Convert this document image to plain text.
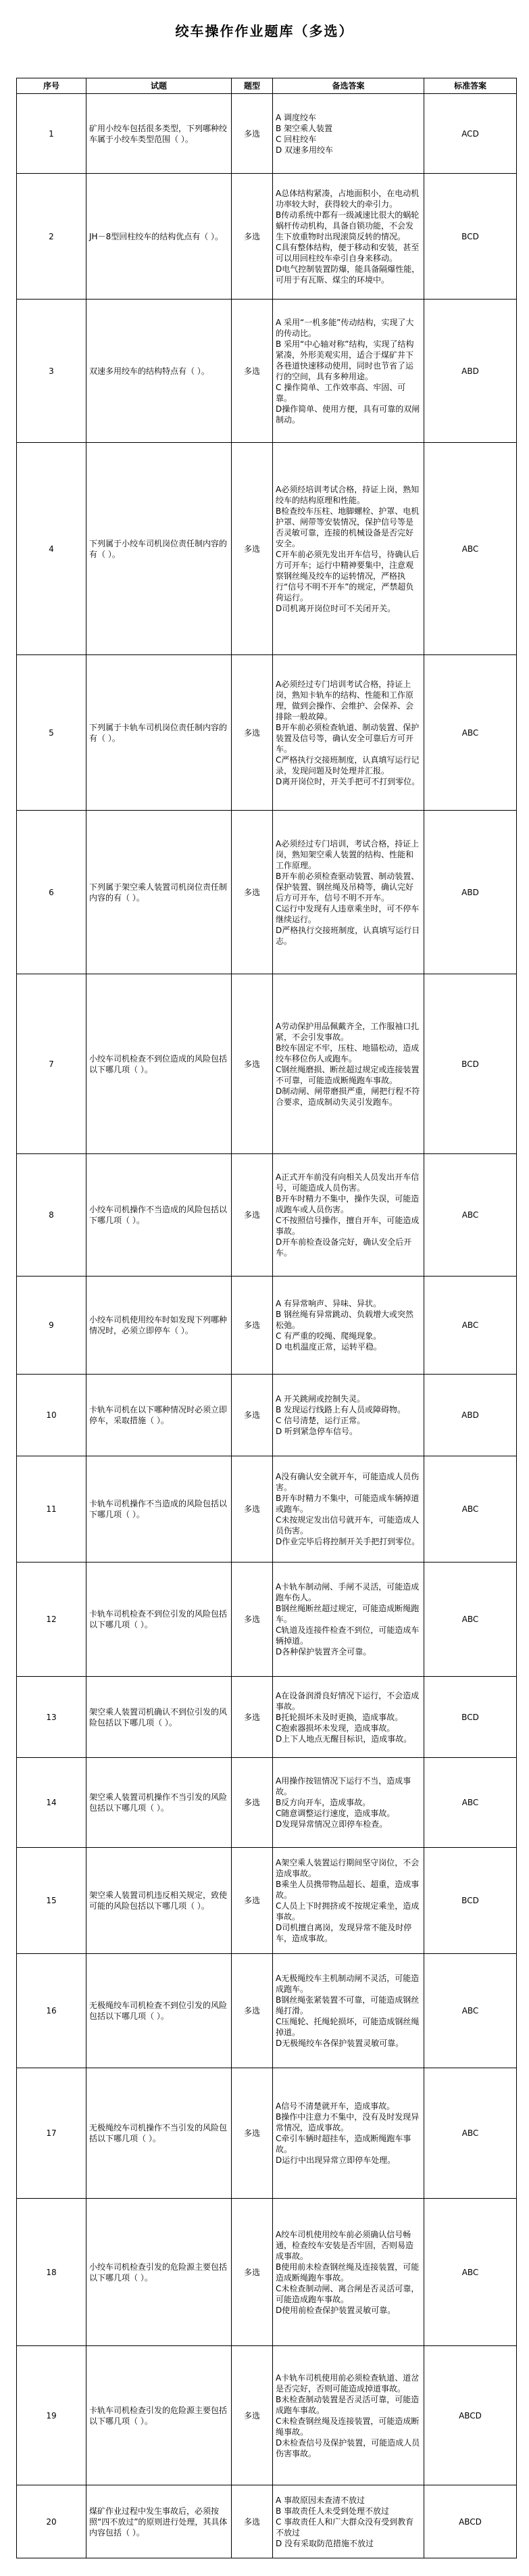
绞车操作作业题库（多选）
序号	试题	题型	备选答案	标准答案
1	矿用小绞车包括很多类型，下列哪种绞车属于小绞车类型范围（ ）。	多选	A 调度绞车
B 架空乘人装置
C 回柱绞车
D 双速多用绞车	ACD
2	JH－8型回柱绞车的结构优点有（ ）。	多选	A总体结构紧凑，占地面积小，在电动机功率较大时，获得较大的牵引力。
B传动系统中都有一级减速比很大的蜗轮蜗杆传动机构，具备自锁功能，不会发生下放重物时出现滚筒反转的情况。
C具有整体结构，便于移动和安装，甚至可以用回柱绞车牵引自身来移动。
D电气控制装置防爆，能具备隔爆性能，可用于有瓦斯、煤尘的环境中。	BCD
3	双速多用绞车的结构特点有（ ）。	多选	A 采用“一机多能”传动结构，实现了大的传动比。
B 采用“中心轴对称”结构，实现了结构紧凑，外形美观实用，适合于煤矿井下各巷道快速移动使用，同时也节省了运行的空间，具有多种用途。
C 操作简单、工作效率高、牢固、可靠。
D操作简单、使用方便，具有可靠的双闸制动。	ABD
4	下列属于小绞车司机岗位责任制内容的有（ ）。	多选	A必须经培训考试合格，持证上岗，熟知绞车的结构原理和性能。
B检查绞车压柱、地脚螺栓、护罩、电机护罩、闸带等安装情况，保护信号等是否灵敏可靠，连接的机械设备是否完好安全。
C开车前必须先发出开车信号，待确认后方可开车；运行中精神要集中，注意观察钢丝绳及绞车的运转情况，严格执行“信号不明不开车”的规定，严禁超负荷运行。
D司机离开岗位时可不关闭开关。	ABC
5	下列属于卡轨车司机岗位责任制内容的有（ ）。	多选	A必须经过专门培训考试合格，持证上岗，熟知卡轨车的结构、性能和工作原理，做到会操作、会维护、会保养、会排除一般故障。
B开车前必须检查轨道、制动装置、保护装置及信号等，确认安全可靠后方可开车。
C严格执行交接班制度，认真填写运行记录，发现问题及时处理并汇报。
D离开岗位时，开关手把可不打到零位。	ABC
6	下列属于架空乘人装置司机岗位责任制内容的有（ ）。	多选	A必须经过专门培训，考试合格，持证上岗，熟知架空乘人装置的结构、性能和工作原理。
B开车前必须检查驱动装置、制动装置、保护装置、钢丝绳及吊椅等，确认完好后方可开车，信号不明不开车。
C运行中发现有人违章乘坐时，可不停车继续运行。
D严格执行交接班制度，认真填写运行日志。	ABD
7	小绞车司机检查不到位造成的风险包括以下哪几项（ ）。	多选	A劳动保护用品佩戴齐全，工作服袖口扎紧，不会引发事故。
B绞车固定不牢，压柱、地锚松动，造成绞车移位伤人或跑车。
C钢丝绳磨损、断丝超过规定或连接装置不可靠，可能造成断绳跑车事故。
D制动闸、闸带磨损严重，闸把行程不符合要求，造成制动失灵引发跑车。	BCD
8	小绞车司机操作不当造成的风险包括以下哪几项（ ）。	多选	A正式开车前没有向相关人员发出开车信号，可能造成人员伤害。
B开车时精力不集中，操作失误，可能造成跑车或人员伤害。
C不按照信号操作，擅自开车，可能造成事故。
D开车前检查设备完好，确认安全后开车。	ABC
9	小绞车司机使用绞车时如发现下列哪种情况时，必须立即停车（ ）。	多选	A 有异常响声、异味、异状。
B 钢丝绳有异常跳动、负载增大或突然松弛。
C 有严重的咬绳、爬绳现象。
D 电机温度正常，运转平稳。	ABC
10	卡轨车司机在以下哪种情况时必须立即停车，采取措施（ ）。	多选	A 开关跳闸或控制失灵。
B 发现运行线路上有人员或障碍物。
C 信号清楚，运行正常。
D 听到紧急停车信号。	ABD
11	卡轨车司机操作不当造成的风险包括以下哪几项（ ）。	多选	A没有确认安全就开车，可能造成人员伤害。
B开车时精力不集中，可能造成车辆掉道或跑车。
C未按规定发出信号就开车，可能造成人员伤害。
D作业完毕后将控制开关手把打到零位。	ABC
12	卡轨车司机检查不到位引发的风险包括以下哪几项（ ）。	多选	A卡轨车制动闸、手闸不灵活，可能造成跑车伤人。
B钢丝绳断丝超过规定，可能造成断绳跑车。
C轨道及连接件检查不到位，可能造成车辆掉道。
D各种保护装置齐全可靠。	ABC
13	架空乘人装置司机确认不到位引发的风险包括以下哪几项（ ）。	多选	A在设备润滑良好情况下运行，不会造成事故。
B托轮损坏未及时更换，造成事故。
C抱索器损坏未发现，造成事故。
D上下人地点无醒目标识，造成事故。	BCD
14	架空乘人装置司机操作不当引发的风险包括以下哪几项（ ）。	多选	A用操作按钮情况下运行不当，造成事故。
B反方向开车，造成事故。
C随意调整运行速度，造成事故。
D发现异常情况立即停车检查。	ABC
15	架空乘人装置司机违反相关规定，致使可能的风险包括以下哪几项（ ）。	多选	A架空乘人装置运行期间坚守岗位，不会造成事故。
B乘坐人员携带物品超长、超重，造成事故。
C人员上下时拥挤或不按规定乘坐，造成事故。
D司机擅自离岗，发现异常不能及时停车，造成事故。	BCD
16	无极绳绞车司机检查不到位引发的风险包括以下哪几项（ ）。	多选	A无极绳绞车主机制动闸不灵活，可能造成跑车。
B钢丝绳张紧装置不可靠，可能造成钢丝绳打滑。
C压绳轮、托绳轮损坏，可能造成钢丝绳掉道。
D无极绳绞车各保护装置灵敏可靠。	ABC
17	无极绳绞车司机操作不当引发的风险包括以下哪几项（ ）。	多选	A信号不清楚就开车，造成事故。
B操作中注意力不集中，没有及时发现异常情况，造成事故。
C牵引车辆时超挂车，造成断绳跑车事故。
D运行中出现异常立即停车处理。	ABC
18	小绞车司机检查引发的危险源主要包括以下哪几项（ ）。	多选	A绞车司机使用绞车前必须确认信号畅通，检查绞车安装是否牢固，否则易造成事故。
B使用前未检查钢丝绳及连接装置，可能造成断绳跑车事故。
C未检查制动闸、离合闸是否灵活可靠，可能造成跑车事故。
D使用前检查保护装置灵敏可靠。	ABC
19	卡轨车司机检查引发的危险源主要包括以下哪几项（ ）。	多选	A卡轨车司机使用前必须检查轨道、道岔是否完好，否则可能造成掉道事故。
B未检查制动装置是否灵活可靠，可能造成跑车事故。
C未检查钢丝绳及连接装置，可能造成断绳事故。
D未检查信号及保护装置，可能造成人员伤害事故。	ABCD
20	煤矿作业过程中发生事故后，必须按照“四不放过”的原则进行处理，其具体内容包括（ ）。	多选	A 事故原因未查清不放过
B 事故责任人未受到处理不放过
C 事故责任人和广大群众没有受到教育不放过
D 没有采取防范措施不放过	ABCD
